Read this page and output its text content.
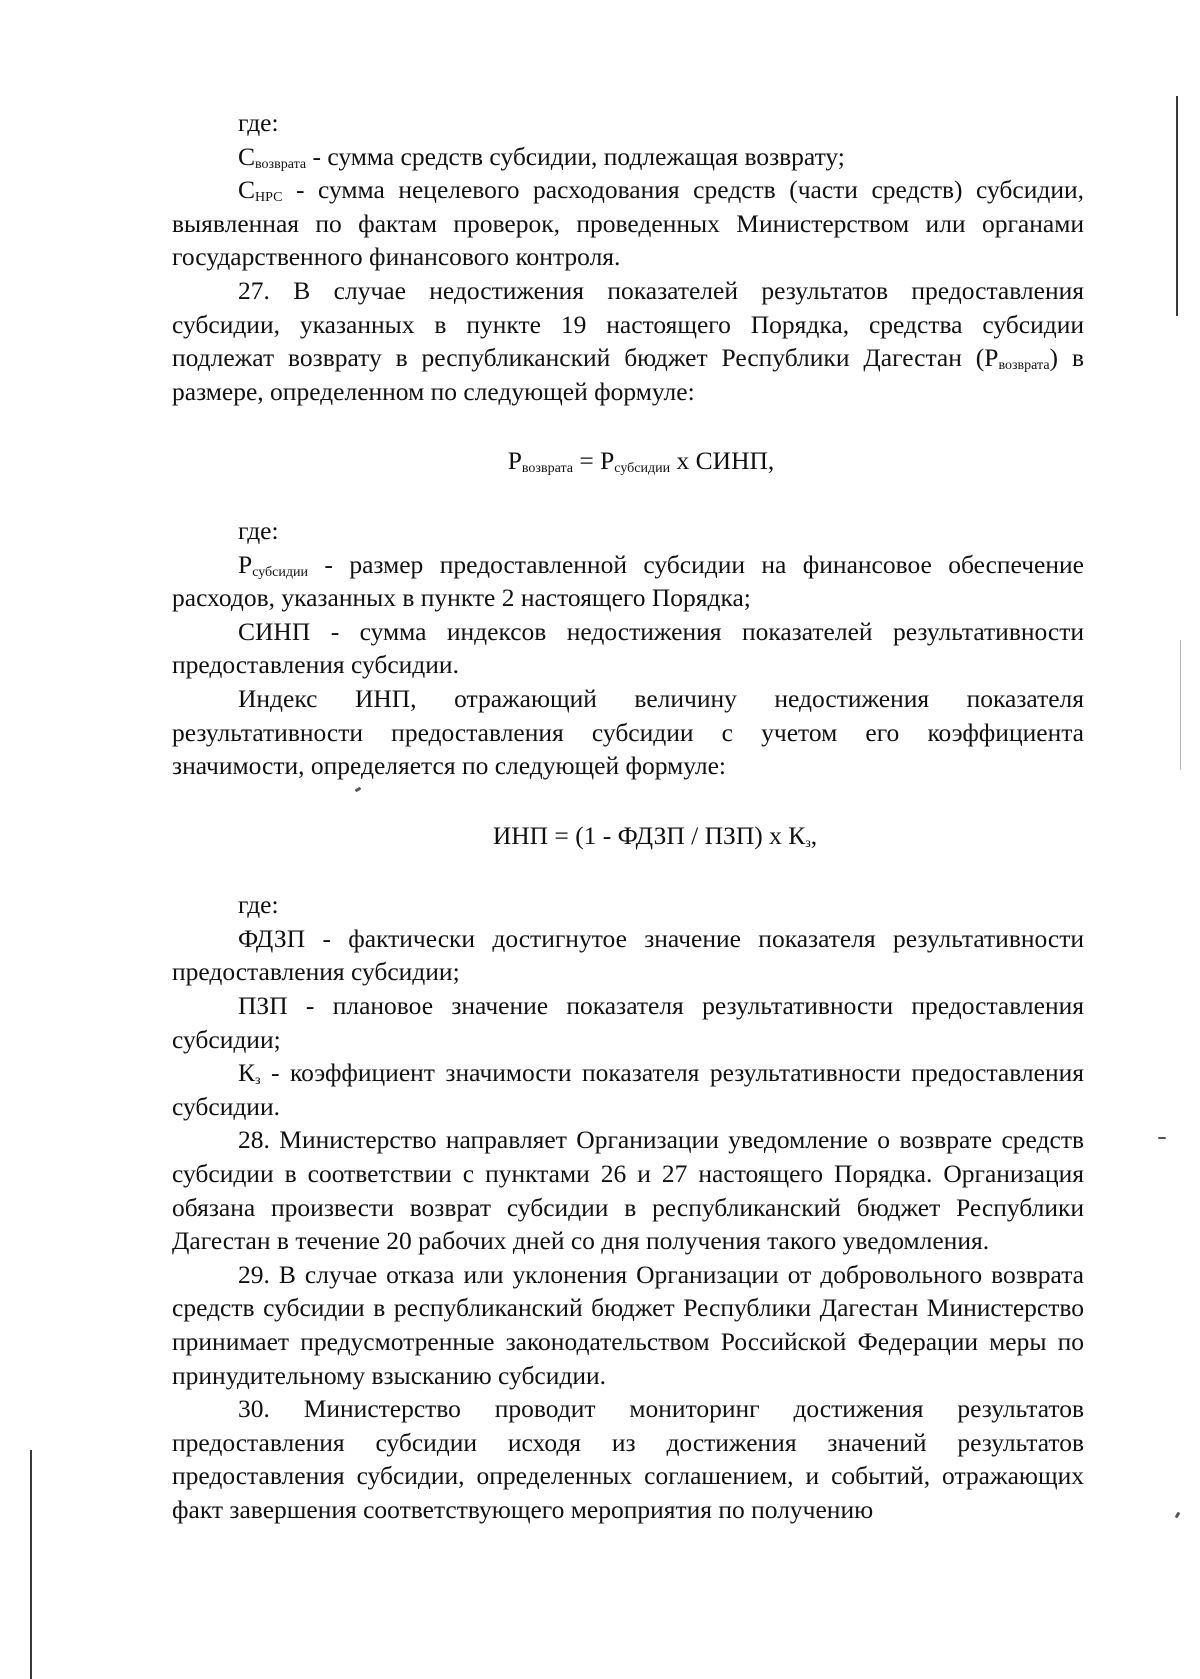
где:

$С_{возврата}$ - сумма средств субсидии, подлежащая возврату;

$С_{НРС}$ - сумма нецелевого расходования средств (части средств) субсидии, выявленная по фактам проверок, проведенных Министерством или органами государственного финансового контроля.

27. В случае недостижения показателей результатов предоставления субсидии, указанных в пункте 19 настоящего Порядка, средства субсидии подлежат возврату в республиканский бюджет Республики Дагестан $(Р_{возврата})$ в размере, определенном по следующей формуле:

$Р_{возврата} = Р_{субсидии}$ х СИНП,

где:

$Р_{субсидии}$ - размер предоставленной субсидии на финансовое обеспечение расходов, указанных в пункте 2 настоящего Порядка;

СИНП - сумма индексов недостижения показателей результативности предоставления субсидии.

Индекс ИНП, отражающий величину недостижения показателя результативности предоставления субсидии с учетом его коэффициента значимости, определяется по следующей формуле:

ИНП = (1 - ФДЗП / ПЗП) х $К_з$,

где:

ФДЗП - фактически достигнутое значение показателя результативности предоставления субсидии;

ПЗП - плановое значение показателя результативности предоставления субсидии;

$К_з$ - коэффициент значимости показателя результативности предоставления субсидии.

28. Министерство направляет Организации уведомление о возврате средств субсидии в соответствии с пунктами 26 и 27 настоящего Порядка. Организация обязана произвести возврат субсидии в республиканский бюджет Республики Дагестан в течение 20 рабочих дней со дня получения такого уведомления.

29. В случае отказа или уклонения Организации от добровольного возврата средств субсидии в республиканский бюджет Республики Дагестан Министерство принимает предусмотренные законодательством Российской Федерации меры по принудительному взысканию субсидии.

30. Министерство проводит мониторинг достижения результатов предоставления субсидии исходя из достижения значений результатов предоставления субсидии, определенных соглашением, и событий, отражающих факт завершения соответствующего мероприятия по получению
